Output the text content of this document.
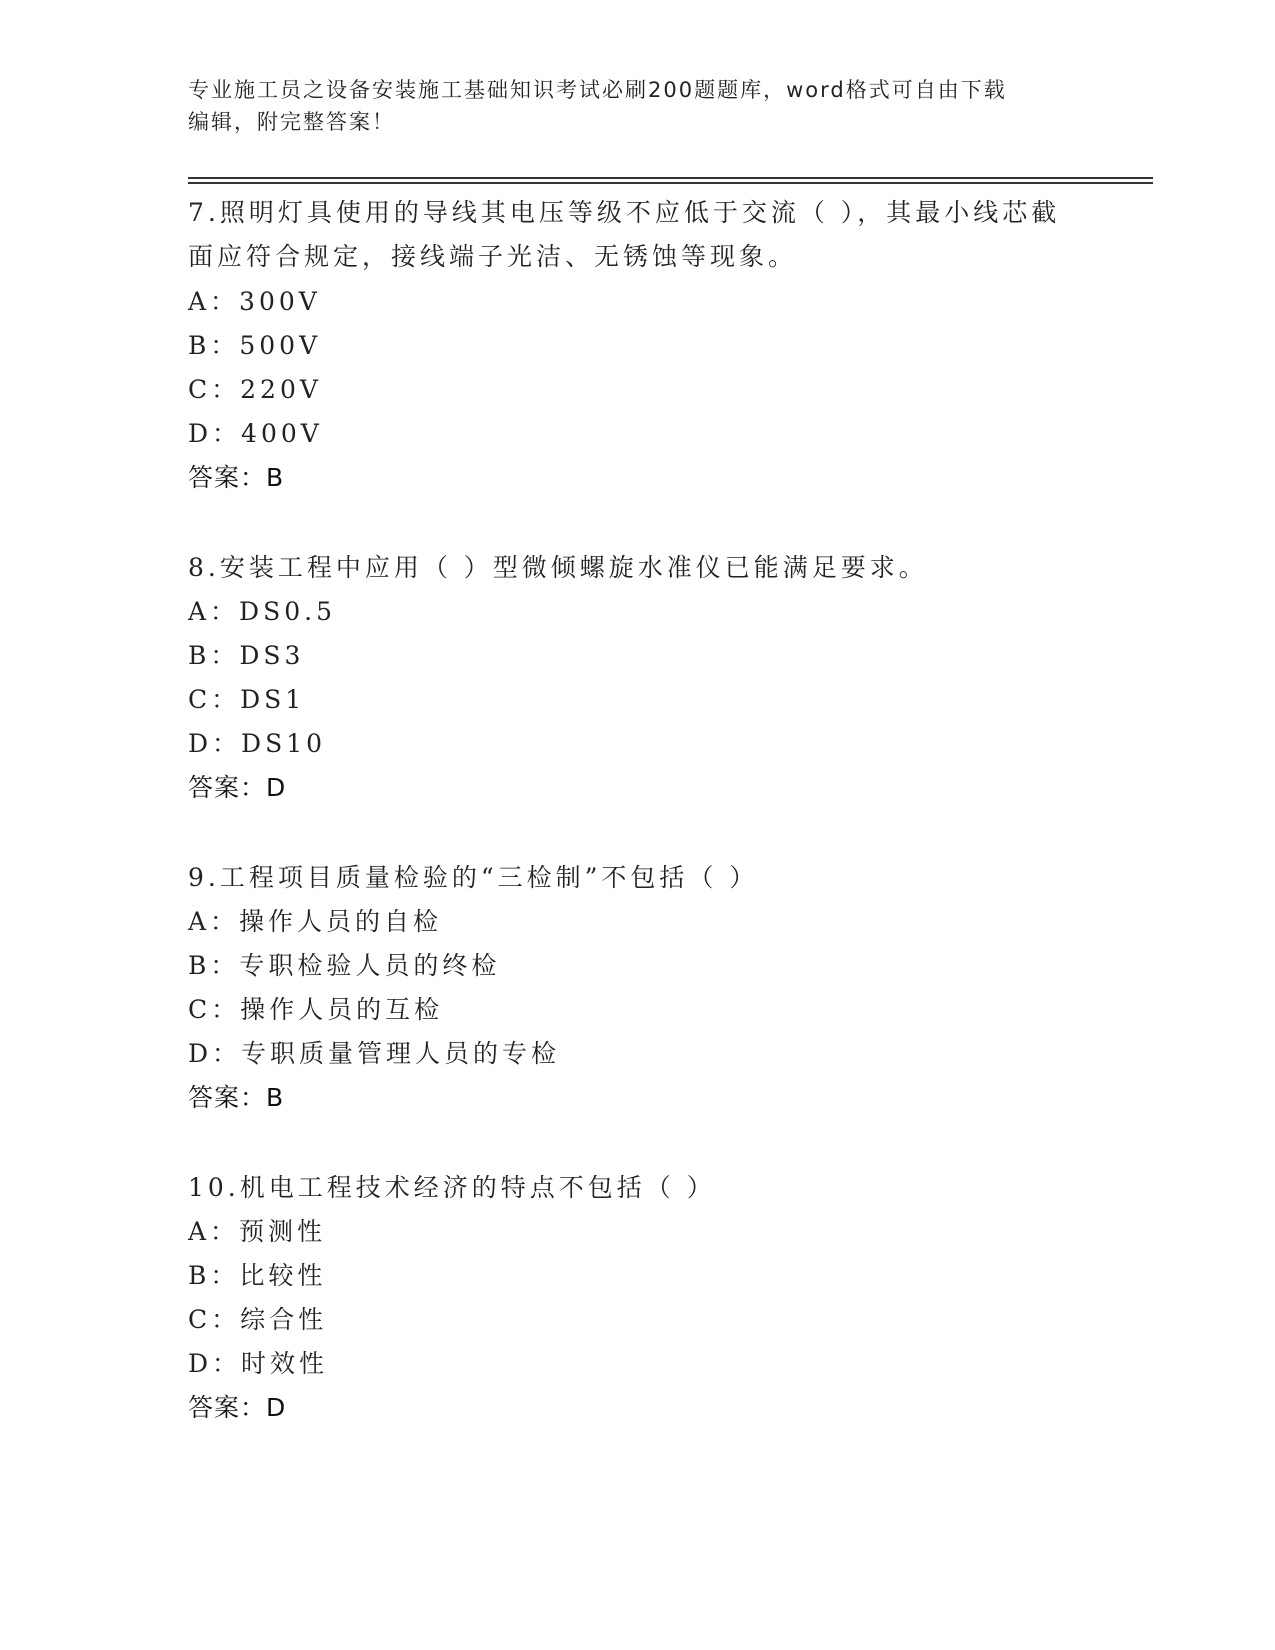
专业施工员之设备安装施工基础知识考试必刷200题题库，word格式可自由下载
编辑，附完整答案！
7.照明灯具使用的导线其电压等级不应低于交流（ ），其最小线芯截
面应符合规定，接线端子光洁、无锈蚀等现象。
A：300V
B：500V
C：220V
D：400V
答案：B
8.安装工程中应用（ ）型微倾螺旋水准仪已能满足要求。
A：DS0.5
B：DS3
C：DS1
D：DS10
答案：D
9.工程项目质量检验的“三检制”不包括（ ）
A：操作人员的自检
B：专职检验人员的终检
C：操作人员的互检
D：专职质量管理人员的专检
答案：B
10.机电工程技术经济的特点不包括（ ）
A：预测性
B：比较性
C：综合性
D：时效性
答案：D
